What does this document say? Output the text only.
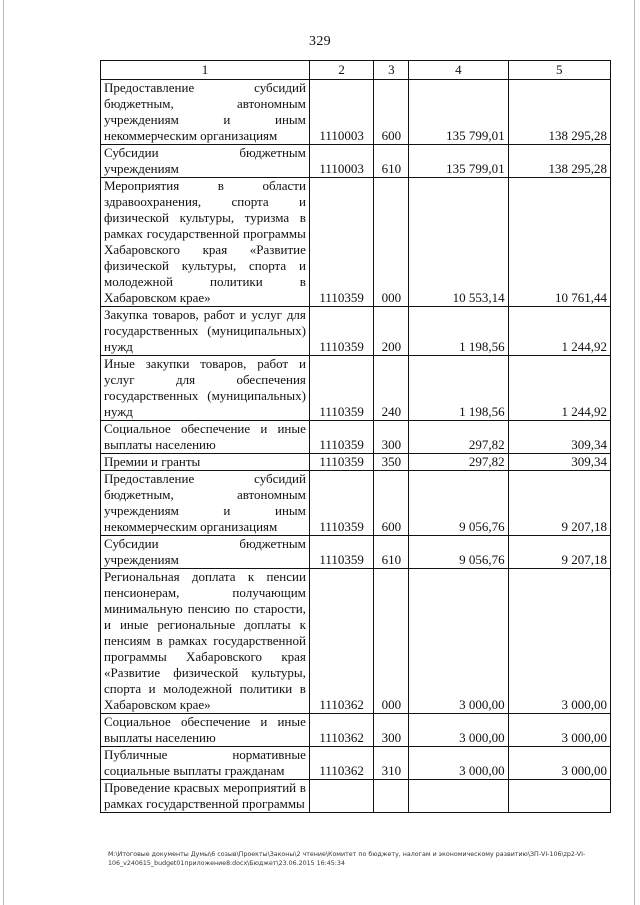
329
1	2	3	4	5
Предоставление субсидий бюджетным, автономным учреждениям и иным некоммерческим организациям	1110003	600	135 799,01	138 295,28
Субсидии бюджетным учреждениям	1110003	610	135 799,01	138 295,28
Мероприятия в области здравоохранения, спорта и физической культуры, туризма в рамках государственной программы Хабаровского края «Развитие физической культуры, спорта и молодежной политики в Хабаровском крае»	1110359	000	10 553,14	10 761,44
Закупка товаров, работ и услуг для государственных (муниципальных) нужд	1110359	200	1 198,56	1 244,92
Иные закупки товаров, работ и услуг для обеспечения государственных (муниципальных) нужд	1110359	240	1 198,56	1 244,92
Социальное обеспечение и иные выплаты населению	1110359	300	297,82	309,34
Премии и гранты	1110359	350	297,82	309,34
Предоставление субсидий бюджетным, автономным учреждениям и иным некоммерческим организациям	1110359	600	9 056,76	9 207,18
Субсидии бюджетным учреждениям	1110359	610	9 056,76	9 207,18
Региональная доплата к пенсии пенсионерам, получающим минимальную пенсию по старости, и иные региональные доплаты к пенсиям в рамках государственной программы Хабаровского края «Развитие физической культуры, спорта и молодежной политики в Хабаровском крае»	1110362	000	3 000,00	3 000,00
Социальное обеспечение и иные выплаты населению	1110362	300	3 000,00	3 000,00
Публичные нормативные социальные выплаты гражданам	1110362	310	3 000,00	3 000,00
Проведение красвых мероприятий в рамках государственной программы				
M:\Итоговые документы Думы\6 созыв\Проекты\Законы\2 чтение\Комитет по бюджету, налогам и экономическому развитию\ЗП-VI-106\zp2-VI-106_v240615_budget01приложение8.docx\Бюджет\23.06.2015 16:45:34
